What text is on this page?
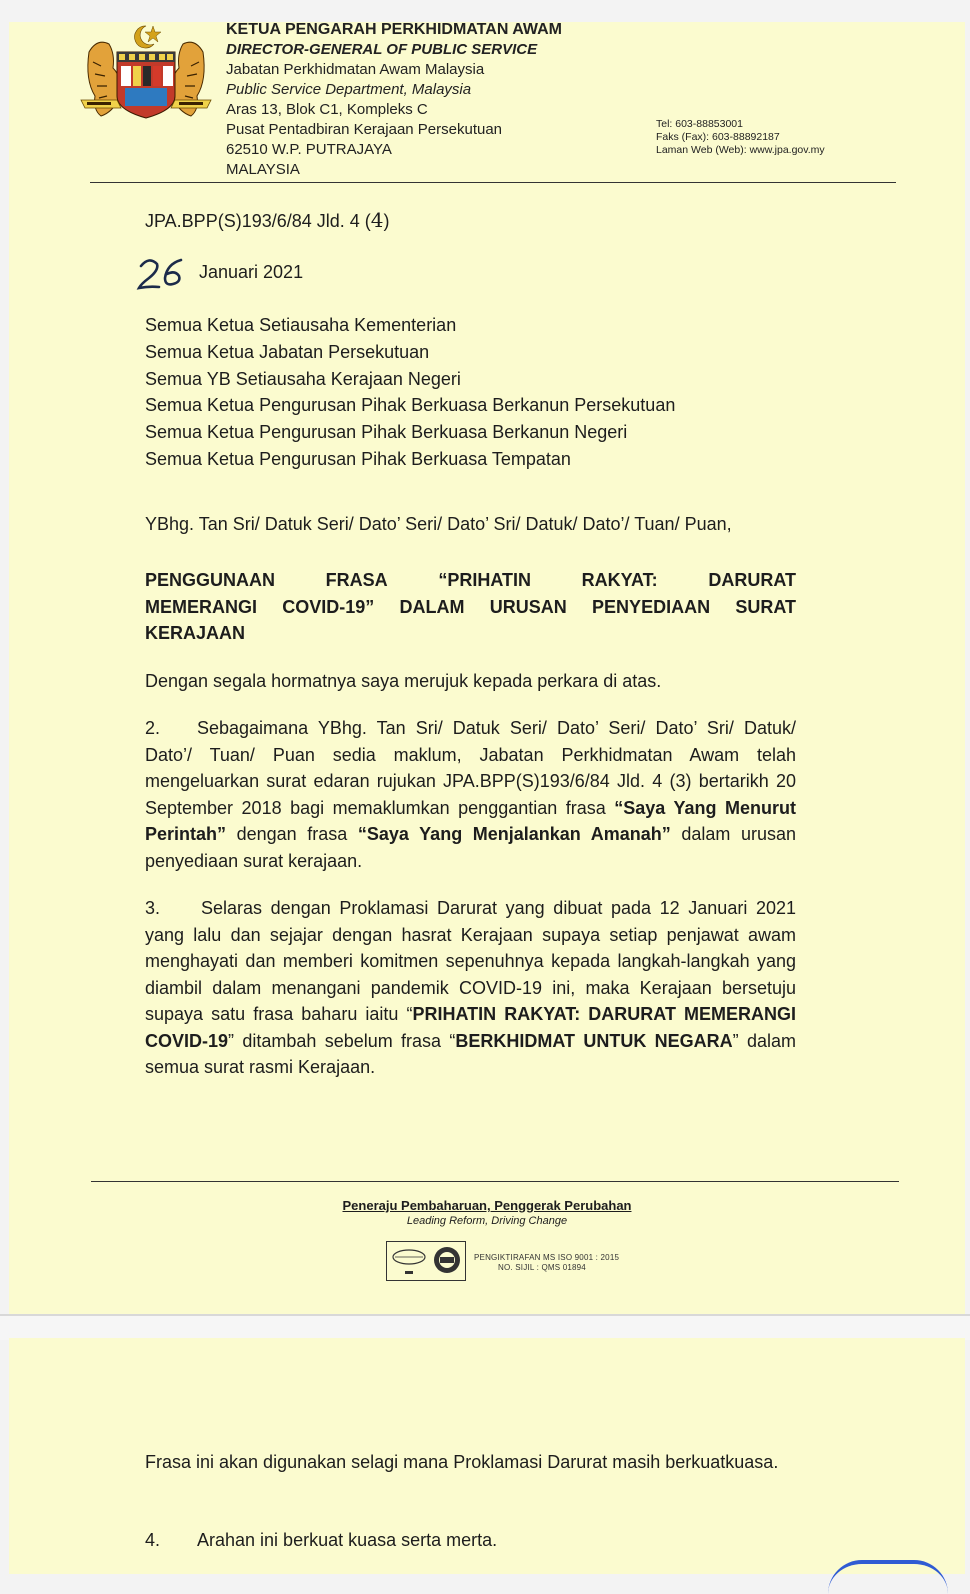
KETUA PENGARAH PERKHIDMATAN AWAM
DIRECTOR-GENERAL OF PUBLIC SERVICE
Jabatan Perkhidmatan Awam Malaysia
Public Service Department, Malaysia
Aras 13, Blok C1, Kompleks C
Pusat Pentadbiran Kerajaan Persekutuan
62510 W.P. PUTRAJAYA
MALAYSIA
Tel: 603-88853001
Faks (Fax): 603-88892187
Laman Web (Web): www.jpa.gov.my
JPA.BPP(S)193/6/84 Jld. 4 (4)
26
Januari 2021
Semua Ketua Setiausaha Kementerian
Semua Ketua Jabatan Persekutuan
Semua YB Setiausaha Kerajaan Negeri
Semua Ketua Pengurusan Pihak Berkuasa Berkanun Persekutuan
Semua Ketua Pengurusan Pihak Berkuasa Berkanun Negeri
Semua Ketua Pengurusan Pihak Berkuasa Tempatan
YBhg. Tan Sri/ Datuk Seri/ Dato’ Seri/ Dato’ Sri/ Datuk/ Dato’/ Tuan/ Puan,
PENGGUNAAN	FRASA	“PRIHATIN	RAKYAT:	DARURAT
MEMERANGI COVID-19” DALAM URUSAN PENYEDIAAN SURAT
KERAJAAN
Dengan segala hormatnya saya merujuk kepada perkara di atas.
2. Sebagaimana YBhg. Tan Sri/ Datuk Seri/ Dato’ Seri/ Dato’ Sri/ Datuk/ Dato’/ Tuan/ Puan sedia maklum, Jabatan Perkhidmatan Awam telah mengeluarkan surat edaran rujukan JPA.BPP(S)193/6/84 Jld. 4 (3) bertarikh 20 September 2018 bagi memaklumkan penggantian frasa “Saya Yang Menurut Perintah” dengan frasa “Saya Yang Menjalankan Amanah” dalam urusan penyediaan surat kerajaan.
3. Selaras dengan Proklamasi Darurat yang dibuat pada 12 Januari 2021 yang lalu dan sejajar dengan hasrat Kerajaan supaya setiap penjawat awam menghayati dan memberi komitmen sepenuhnya kepada langkah-langkah yang diambil dalam menangani pandemik COVID-19 ini, maka Kerajaan bersetuju supaya satu frasa baharu iaitu “PRIHATIN RAKYAT: DARURAT MEMERANGI COVID-19” ditambah sebelum frasa “BERKHIDMAT UNTUK NEGARA” dalam semua surat rasmi Kerajaan.
Peneraju Pembaharuan, Penggerak Perubahan
Leading Reform, Driving Change
PENGIKTIRAFAN MS ISO 9001 : 2015
NO. SIJIL : QMS 01894
Frasa ini akan digunakan selagi mana Proklamasi Darurat masih berkuatkuasa.
4. Arahan ini berkuat kuasa serta merta.
